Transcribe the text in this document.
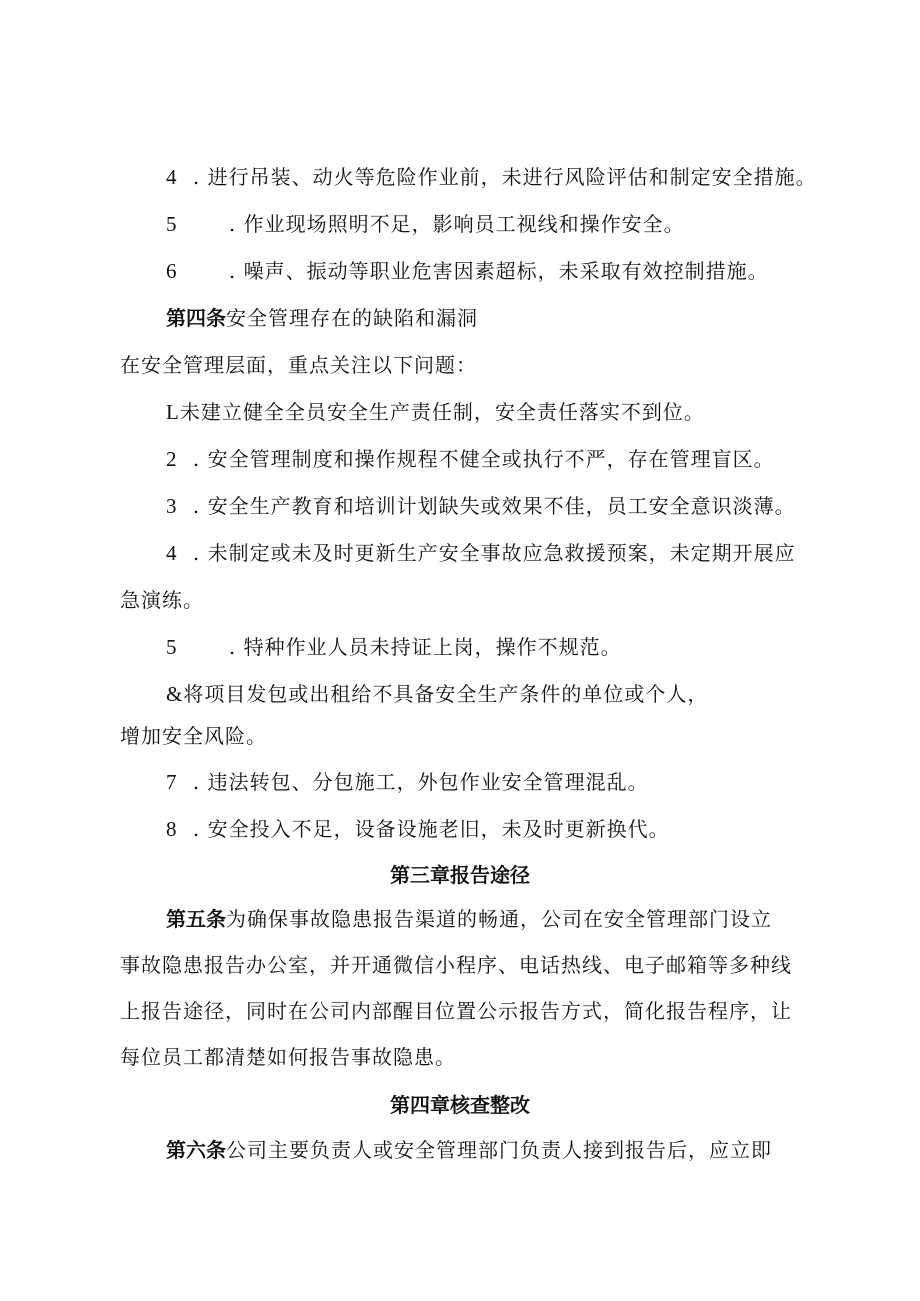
4 . 进行吊装、动火等危险作业前，未进行风险评估和制定安全措施。
5	. 作业现场照明不足，影响员工视线和操作安全。
6	. 噪声、振动等职业危害因素超标，未采取有效控制措施。
第四条安全管理存在的缺陷和漏洞
在安全管理层面，重点关注以下问题：
L未建立健全全员安全生产责任制，安全责任落实不到位。
2 . 安全管理制度和操作规程不健全或执行不严，存在管理盲区。
3 . 安全生产教育和培训计划缺失或效果不佳，员工安全意识淡薄。
4 . 未制定或未及时更新生产安全事故应急救援预案，未定期开展应
急演练。
5	. 特种作业人员未持证上岗，操作不规范。
&将项目发包或出租给不具备安全生产条件的单位或个人，
增加安全风险。
7 . 违法转包、分包施工，外包作业安全管理混乱。
8 . 安全投入不足，设备设施老旧，未及时更新换代。
第三章报告途径
第五条为确保事故隐患报告渠道的畅通，公司在安全管理部门设立
事故隐患报告办公室，并开通微信小程序、电话热线、电子邮箱等多种线
上报告途径，同时在公司内部醒目位置公示报告方式，简化报告程序，让
每位员工都清楚如何报告事故隐患。
第四章核查整改
第六条公司主要负责人或安全管理部门负责人接到报告后，应立即
